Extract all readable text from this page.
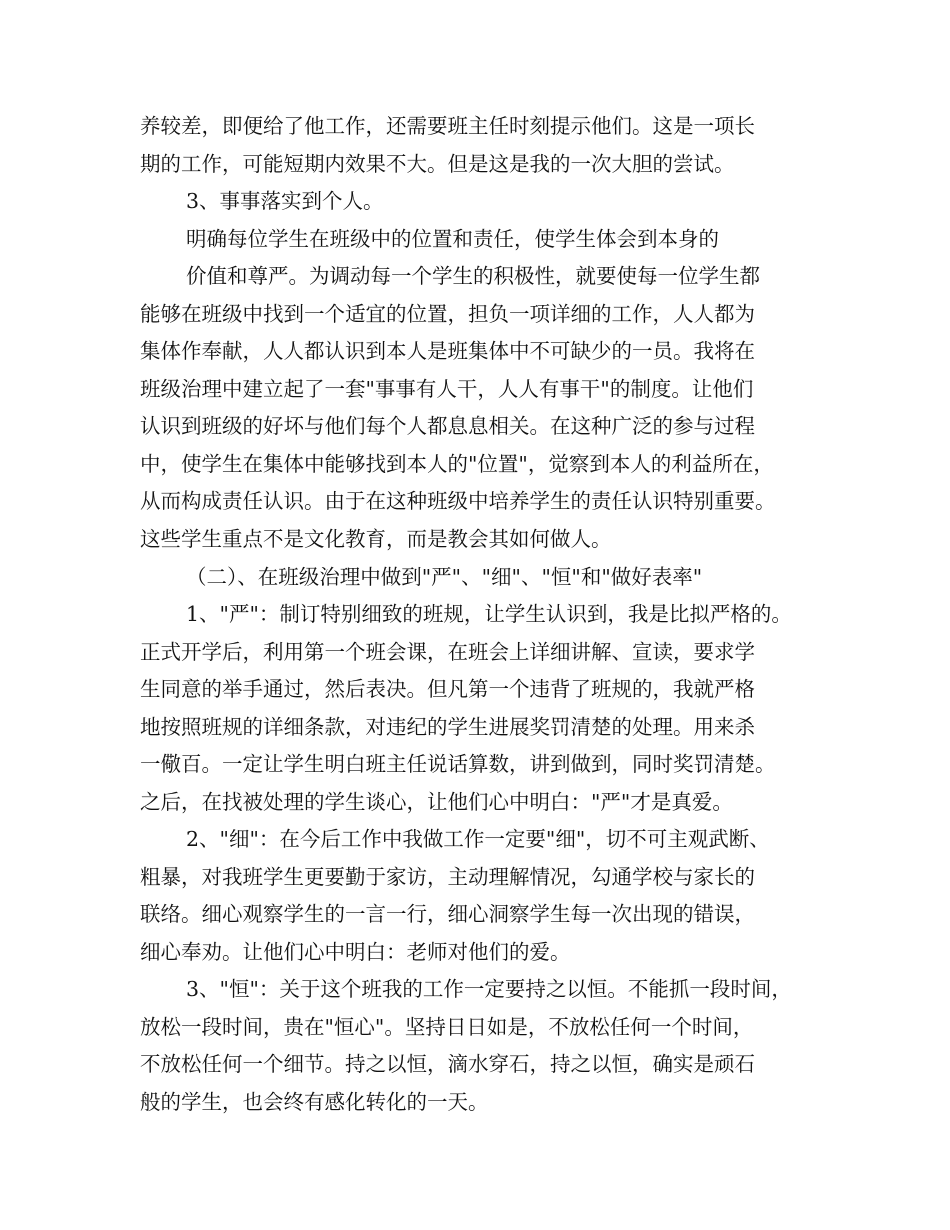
养较差，即便给了他工作，还需要班主任时刻提示他们。这是一项长
期的工作，可能短期内效果不大。但是这是我的一次大胆的尝试。
3、事事落实到个人。
明确每位学生在班级中的位置和责任，使学生体会到本身的
价值和尊严。为调动每一个学生的积极性，就要使每一位学生都
能够在班级中找到一个适宜的位置，担负一项详细的工作，人人都为
集体作奉献，人人都认识到本人是班集体中不可缺少的一员。我将在
班级治理中建立起了一套"事事有人干，人人有事干"的制度。让他们
认识到班级的好坏与他们每个人都息息相关。在这种广泛的参与过程
中，使学生在集体中能够找到本人的"位置"，觉察到本人的利益所在，
从而构成责任认识。由于在这种班级中培养学生的责任认识特别重要。
这些学生重点不是文化教育，而是教会其如何做人。
（二）、在班级治理中做到"严"、"细"、"恒"和"做好表率"
1、"严"：制订特别细致的班规，让学生认识到，我是比拟严格的。
正式开学后，利用第一个班会课，在班会上详细讲解、宣读，要求学
生同意的举手通过，然后表决。但凡第一个违背了班规的，我就严格
地按照班规的详细条款，对违纪的学生进展奖罚清楚的处理。用来杀
一儆百。一定让学生明白班主任说话算数，讲到做到，同时奖罚清楚。
之后，在找被处理的学生谈心，让他们心中明白："严"才是真爱。
2、"细"：在今后工作中我做工作一定要"细"，切不可主观武断、
粗暴，对我班学生更要勤于家访，主动理解情况，勾通学校与家长的
联络。细心观察学生的一言一行，细心洞察学生每一次出现的错误，
细心奉劝。让他们心中明白：老师对他们的爱。
3、"恒"：关于这个班我的工作一定要持之以恒。不能抓一段时间，
放松一段时间，贵在"恒心"。坚持日日如是，不放松任何一个时间，
不放松任何一个细节。持之以恒，滴水穿石，持之以恒，确实是顽石
般的学生，也会终有感化转化的一天。
